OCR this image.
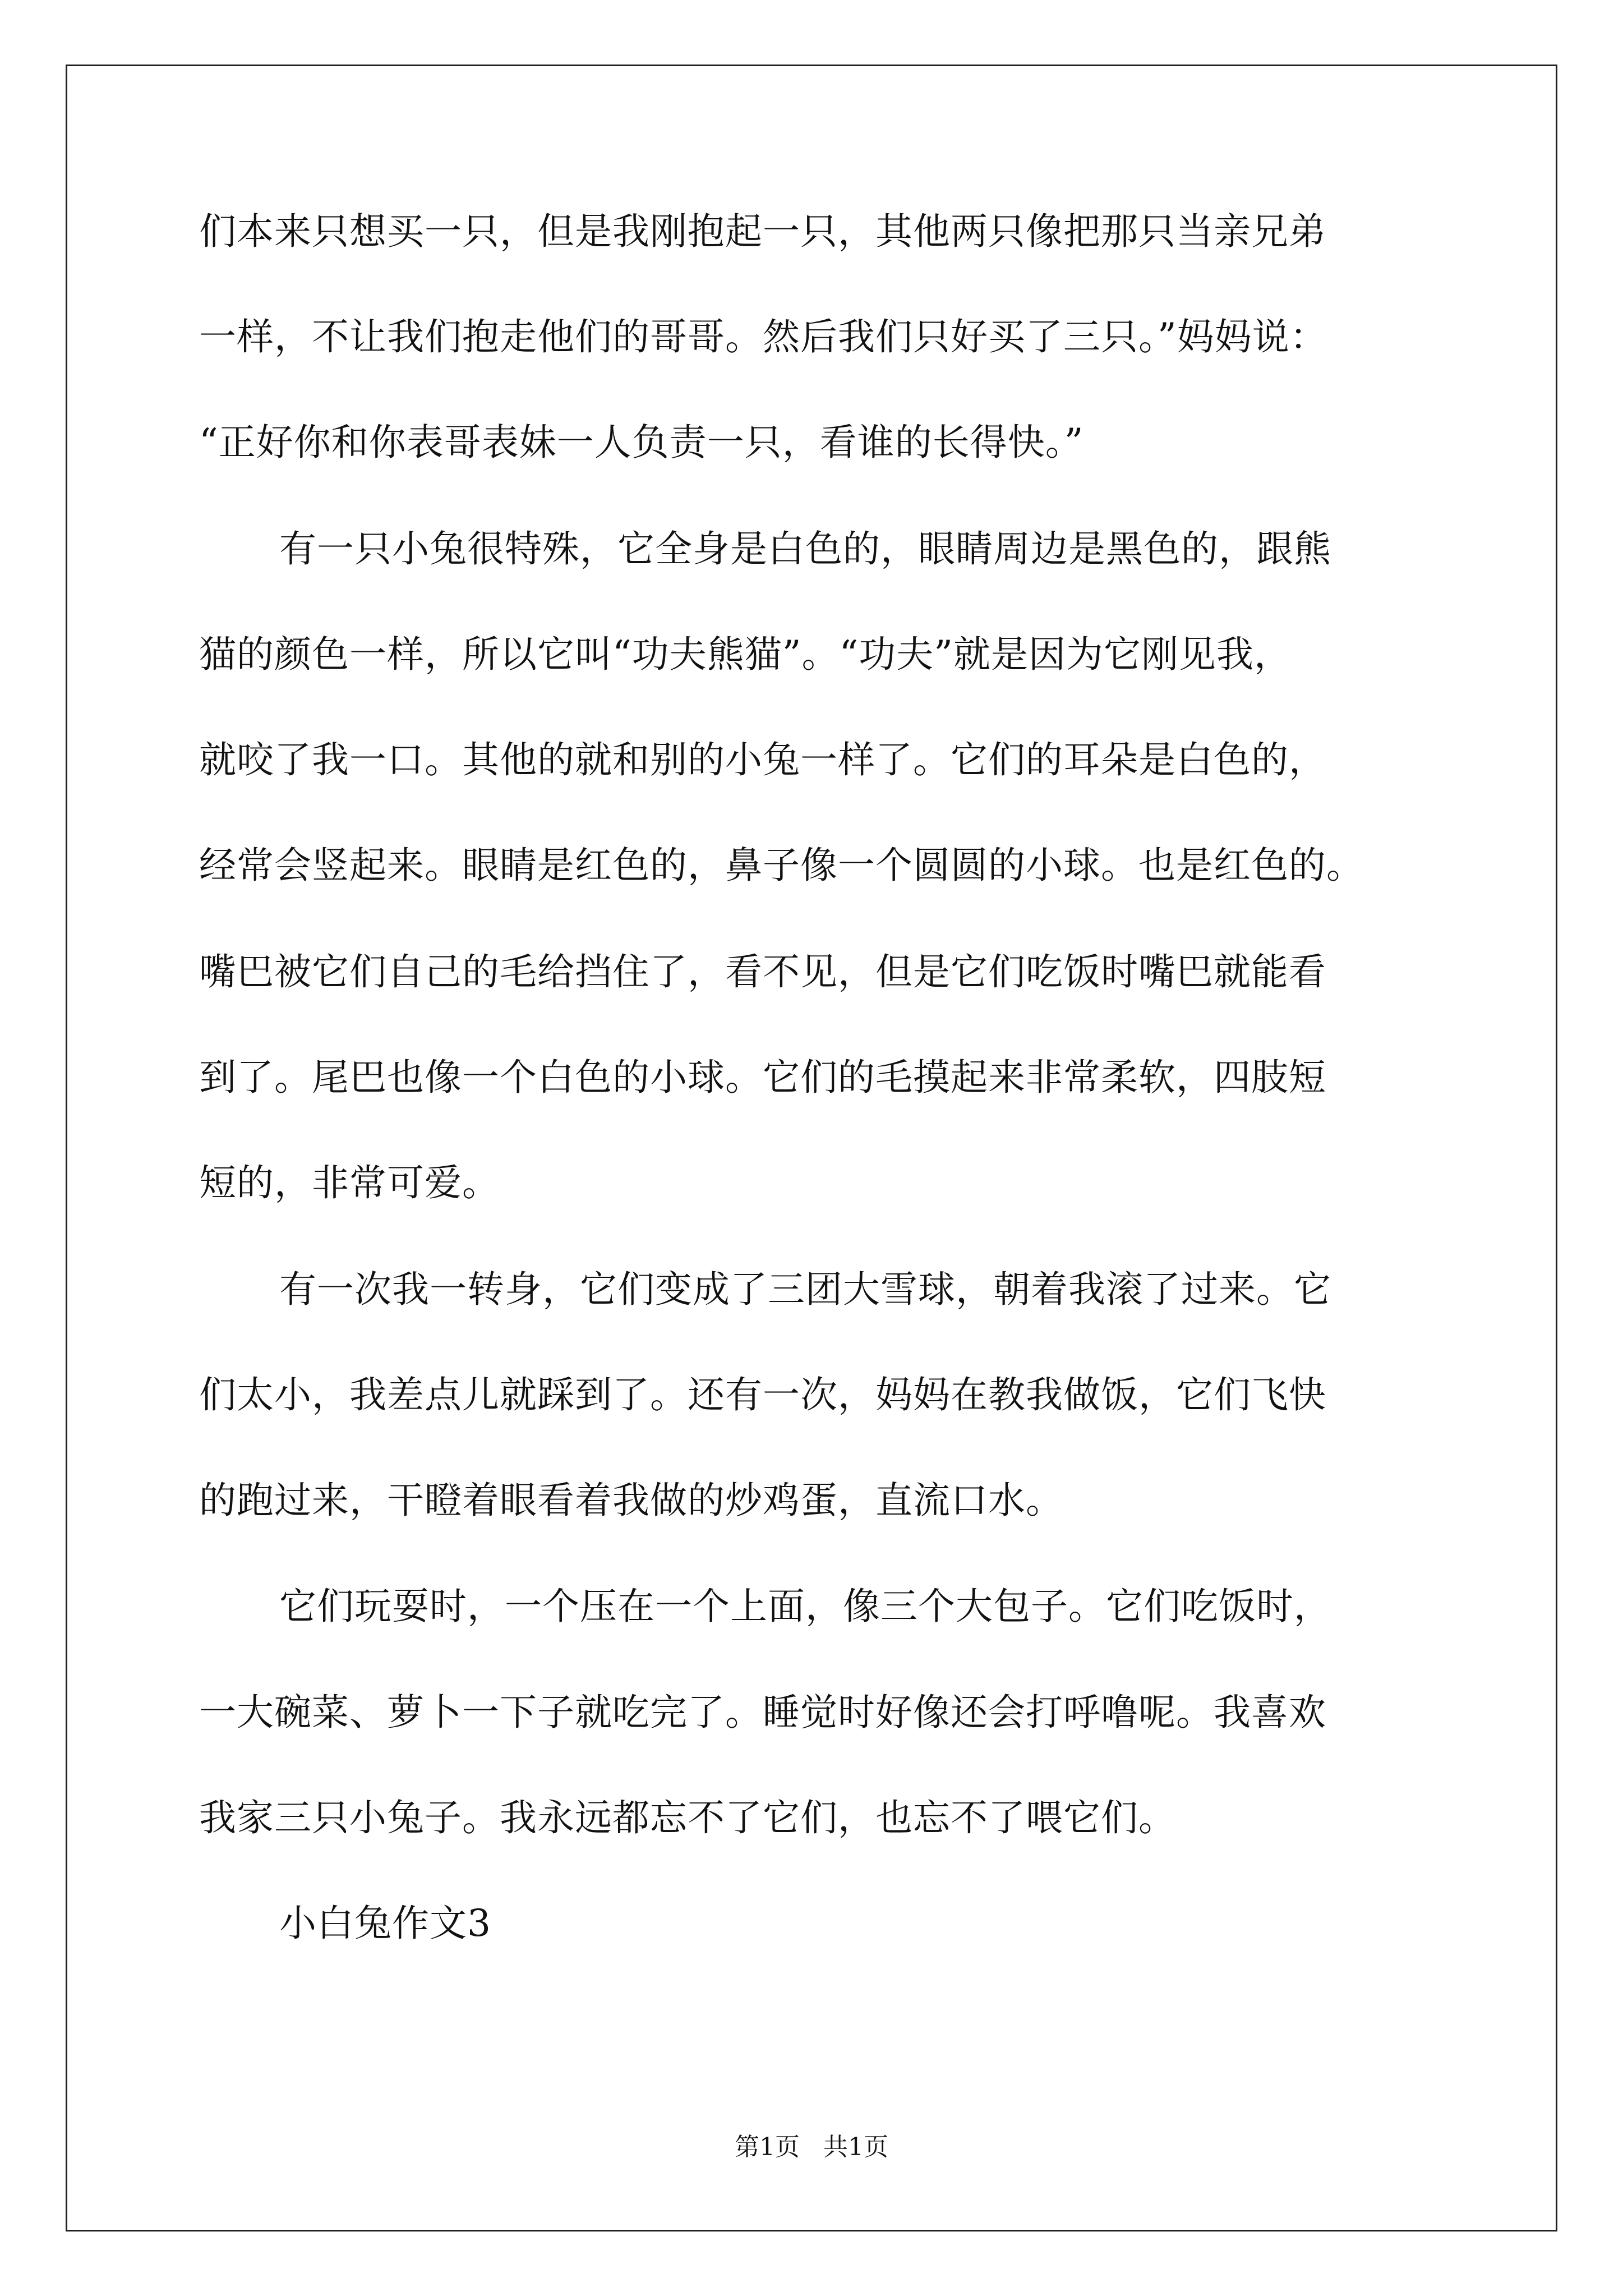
们本来只想买一只，但是我刚抱起一只，其他两只像把那只当亲兄弟
一样，不让我们抱走他们的哥哥。然后我们只好买了三只。”妈妈说：
“正好你和你表哥表妹一人负责一只，看谁的长得快。”
有一只小兔很特殊，它全身是白色的，眼睛周边是黑色的，跟熊
猫的颜色一样，所以它叫“功夫熊猫”。“功夫”就是因为它刚见我，
就咬了我一口。其他的就和别的小兔一样了。它们的耳朵是白色的，
经常会竖起来。眼睛是红色的，鼻子像一个圆圆的小球。也是红色的。
嘴巴被它们自己的毛给挡住了，看不见，但是它们吃饭时嘴巴就能看
到了。尾巴也像一个白色的小球。它们的毛摸起来非常柔软，四肢短
短的，非常可爱。
有一次我一转身，它们变成了三团大雪球，朝着我滚了过来。它
们太小，我差点儿就踩到了。还有一次，妈妈在教我做饭，它们飞快
的跑过来，干瞪着眼看着我做的炒鸡蛋，直流口水。
它们玩耍时，一个压在一个上面，像三个大包子。它们吃饭时，
一大碗菜、萝卜一下子就吃完了。睡觉时好像还会打呼噜呢。我喜欢
我家三只小兔子。我永远都忘不了它们，也忘不了喂它们。
小白兔作文3
第1页   共1页
